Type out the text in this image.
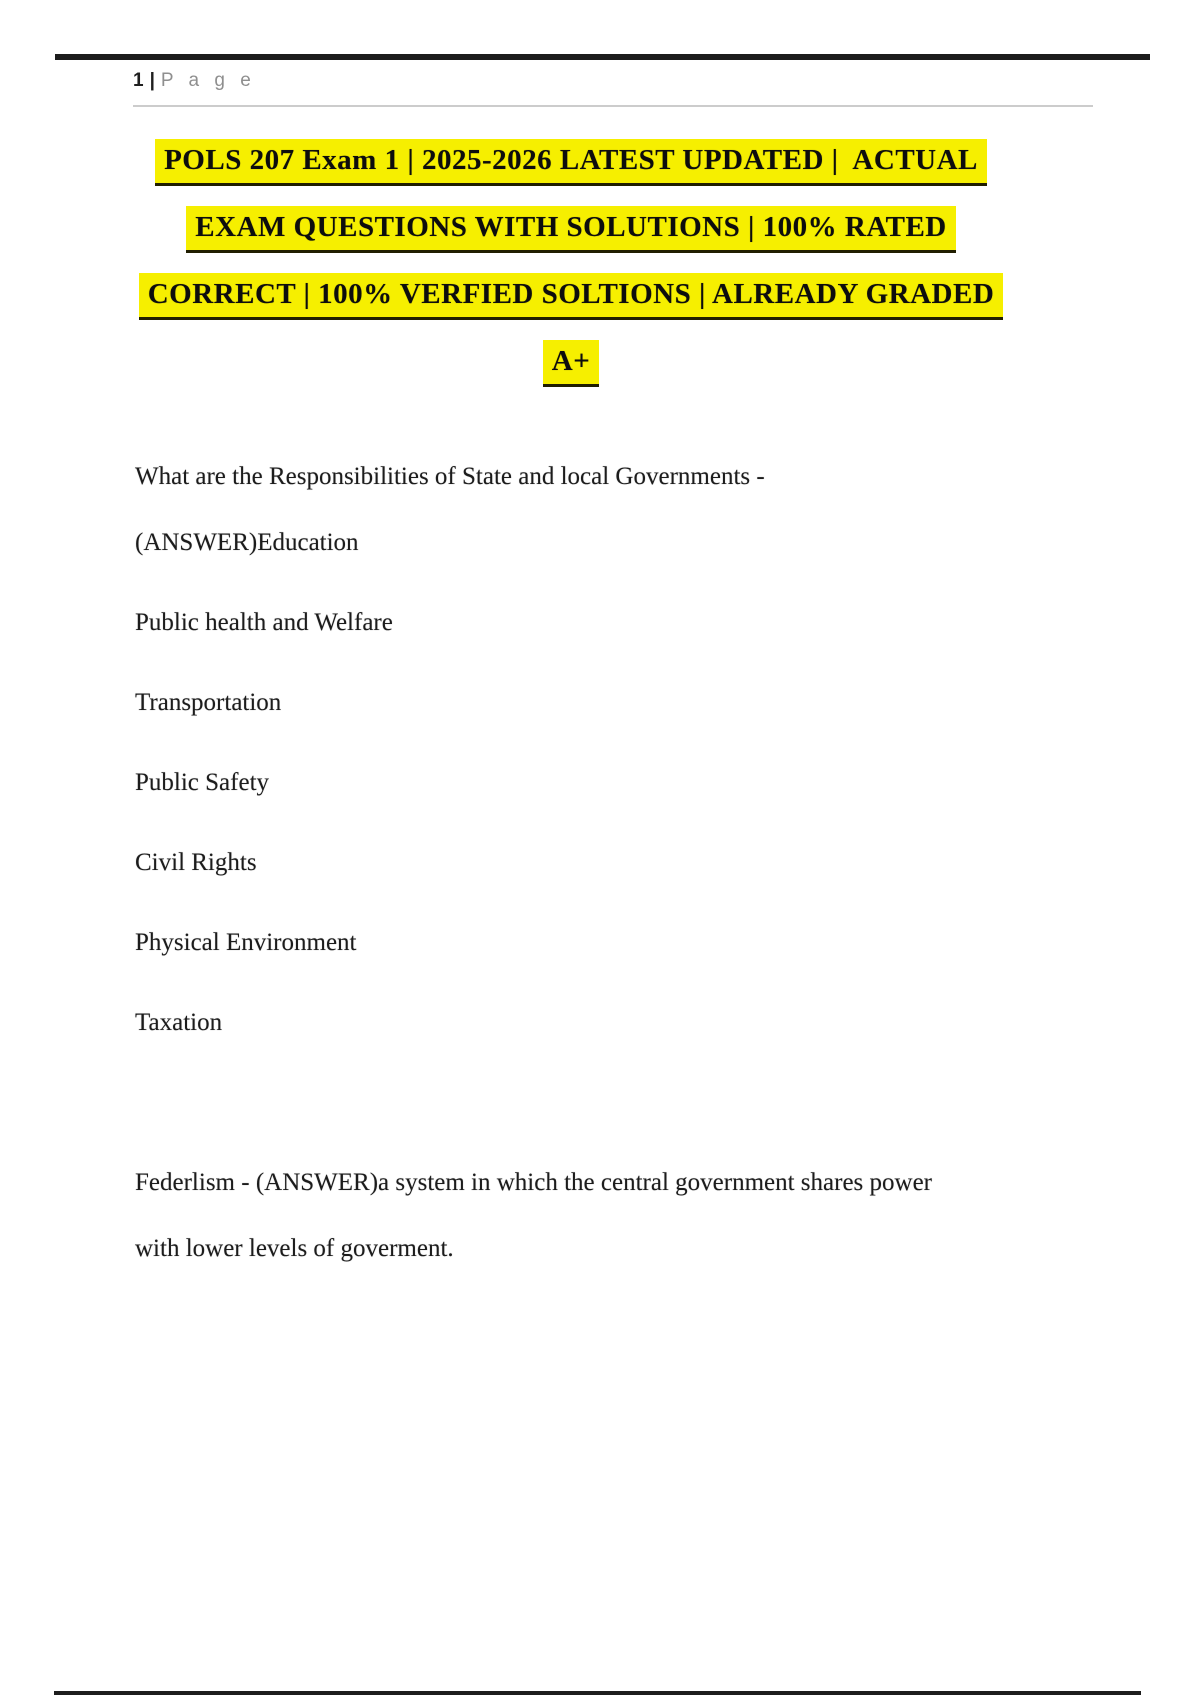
1 | P a g e
POLS 207 Exam 1 | 2025-2026 LATEST UPDATED |  ACTUAL
EXAM QUESTIONS WITH SOLUTIONS | 100% RATED
CORRECT | 100% VERFIED SOLTIONS | ALREADY GRADED
A+
What are the Responsibilities of State and local Governments -
(ANSWER)Education
Public health and Welfare
Transportation
Public Safety
Civil Rights
Physical Environment
Taxation
Federlism - (ANSWER)a system in which the central government shares power
with lower levels of goverment.
